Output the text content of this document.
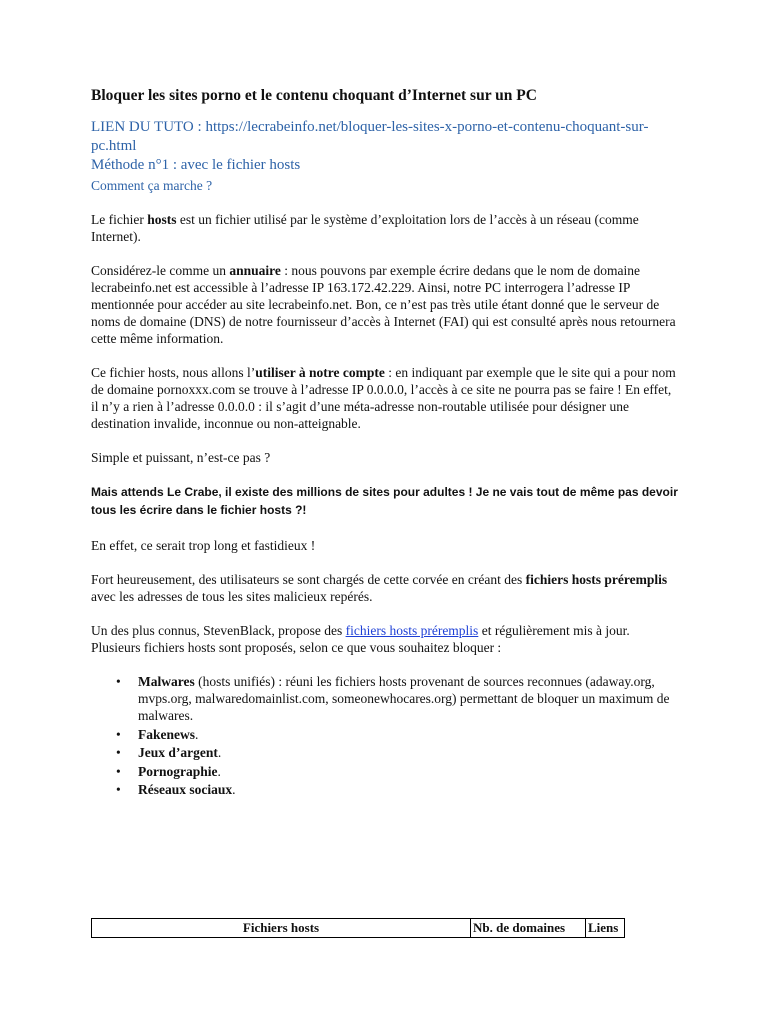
Bloquer les sites porno et le contenu choquant d’Internet sur un PC
LIEN DU TUTO : https://lecrabeinfo.net/bloquer-les-sites-x-porno-et-contenu-choquant-sur-pc.html
Méthode n°1 : avec le fichier hosts
Comment ça marche ?
Le fichier hosts est un fichier utilisé par le système d’exploitation lors de l’accès à un réseau (comme Internet).
Considérez-le comme un annuaire : nous pouvons par exemple écrire dedans que le nom de domaine lecrabeinfo.net est accessible à l’adresse IP 163.172.42.229. Ainsi, notre PC interrogera l’adresse IP mentionnée pour accéder au site lecrabeinfo.net. Bon, ce n’est pas très utile étant donné que le serveur de noms de domaine (DNS) de notre fournisseur d’accès à Internet (FAI) qui est consulté après nous retournera cette même information.
Ce fichier hosts, nous allons l’utiliser à notre compte : en indiquant par exemple que le site qui a pour nom de domaine pornoxxx.com se trouve à l’adresse IP 0.0.0.0, l’accès à ce site ne pourra pas se faire ! En effet, il n’y a rien à l’adresse 0.0.0.0 : il s’agit d’une méta-adresse non-routable utilisée pour désigner une destination invalide, inconnue ou non-atteignable.
Simple et puissant, n’est-ce pas ?
Mais attends Le Crabe, il existe des millions de sites pour adultes ! Je ne vais tout de même pas devoir tous les écrire dans le fichier hosts ?!
En effet, ce serait trop long et fastidieux !
Fort heureusement, des utilisateurs se sont chargés de cette corvée en créant des fichiers hosts préremplis avec les adresses de tous les sites malicieux repérés.
Un des plus connus, StevenBlack, propose des fichiers hosts préremplis et régulièrement mis à jour. Plusieurs fichiers hosts sont proposés, selon ce que vous souhaitez bloquer :
• Malwares (hosts unifiés) : réuni les fichiers hosts provenant de sources reconnues (adaway.org, mvps.org, malwaredomainlist.com, someonewhocares.org) permettant de bloquer un maximum de malwares.
• Fakenews.
• Jeux d’argent.
• Pornographie.
• Réseaux sociaux.
Fichiers hosts	Nb. de domaines	Liens
